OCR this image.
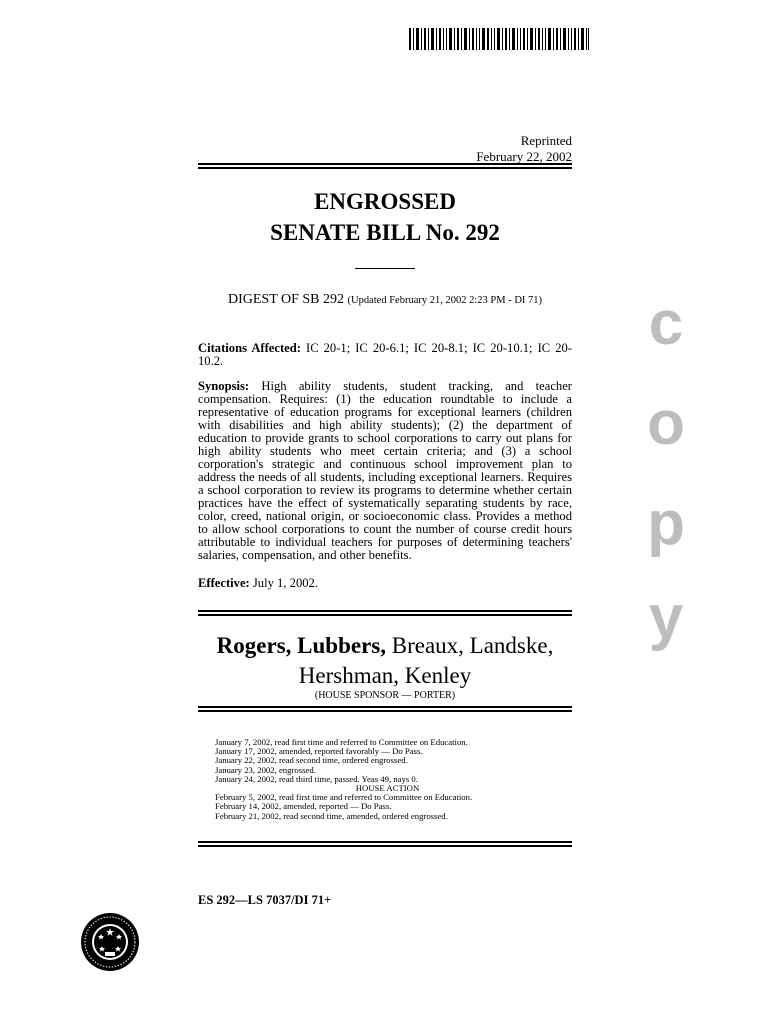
Reprinted
February 22, 2002
ENGROSSED
SENATE BILL No. 292
DIGEST OF SB 292 (Updated February 21, 2002 2:23 PM - DI 71)
Citations Affected: IC 20-1; IC 20-6.1; IC 20-8.1; IC 20-10.1; IC 20-10.2.
Synopsis: High ability students, student tracking, and teacher compensation. Requires: (1) the education roundtable to include a representative of education programs for exceptional learners (children with disabilities and high ability students); (2) the department of education to provide grants to school corporations to carry out plans for high ability students who meet certain criteria; and (3) a school corporation's strategic and continuous school improvement plan to address the needs of all students, including exceptional learners. Requires a school corporation to review its programs to determine whether certain practices have the effect of systematically separating students by race, color, creed, national origin, or socioeconomic class. Provides a method to allow school corporations to count the number of course credit hours attributable to individual teachers for purposes of determining teachers' salaries, compensation, and other benefits.
Effective: July 1, 2002.
c
o
p
y
Rogers, Lubbers, Breaux, Landske,
Hershman, Kenley
(HOUSE SPONSOR — PORTER)
January 7, 2002, read first time and referred to Committee on Education.
January 17, 2002, amended, reported favorably — Do Pass.
January 22, 2002, read second time, ordered engrossed.
January 23, 2002, engrossed.
January 24, 2002, read third time, passed. Yeas 49, nays 0.
HOUSE ACTION
February 5, 2002, read first time and referred to Committee on Education.
February 14, 2002, amended, reported — Do Pass.
February 21, 2002, read second time, amended, ordered engrossed.
ES 292—LS 7037/DI 71+
